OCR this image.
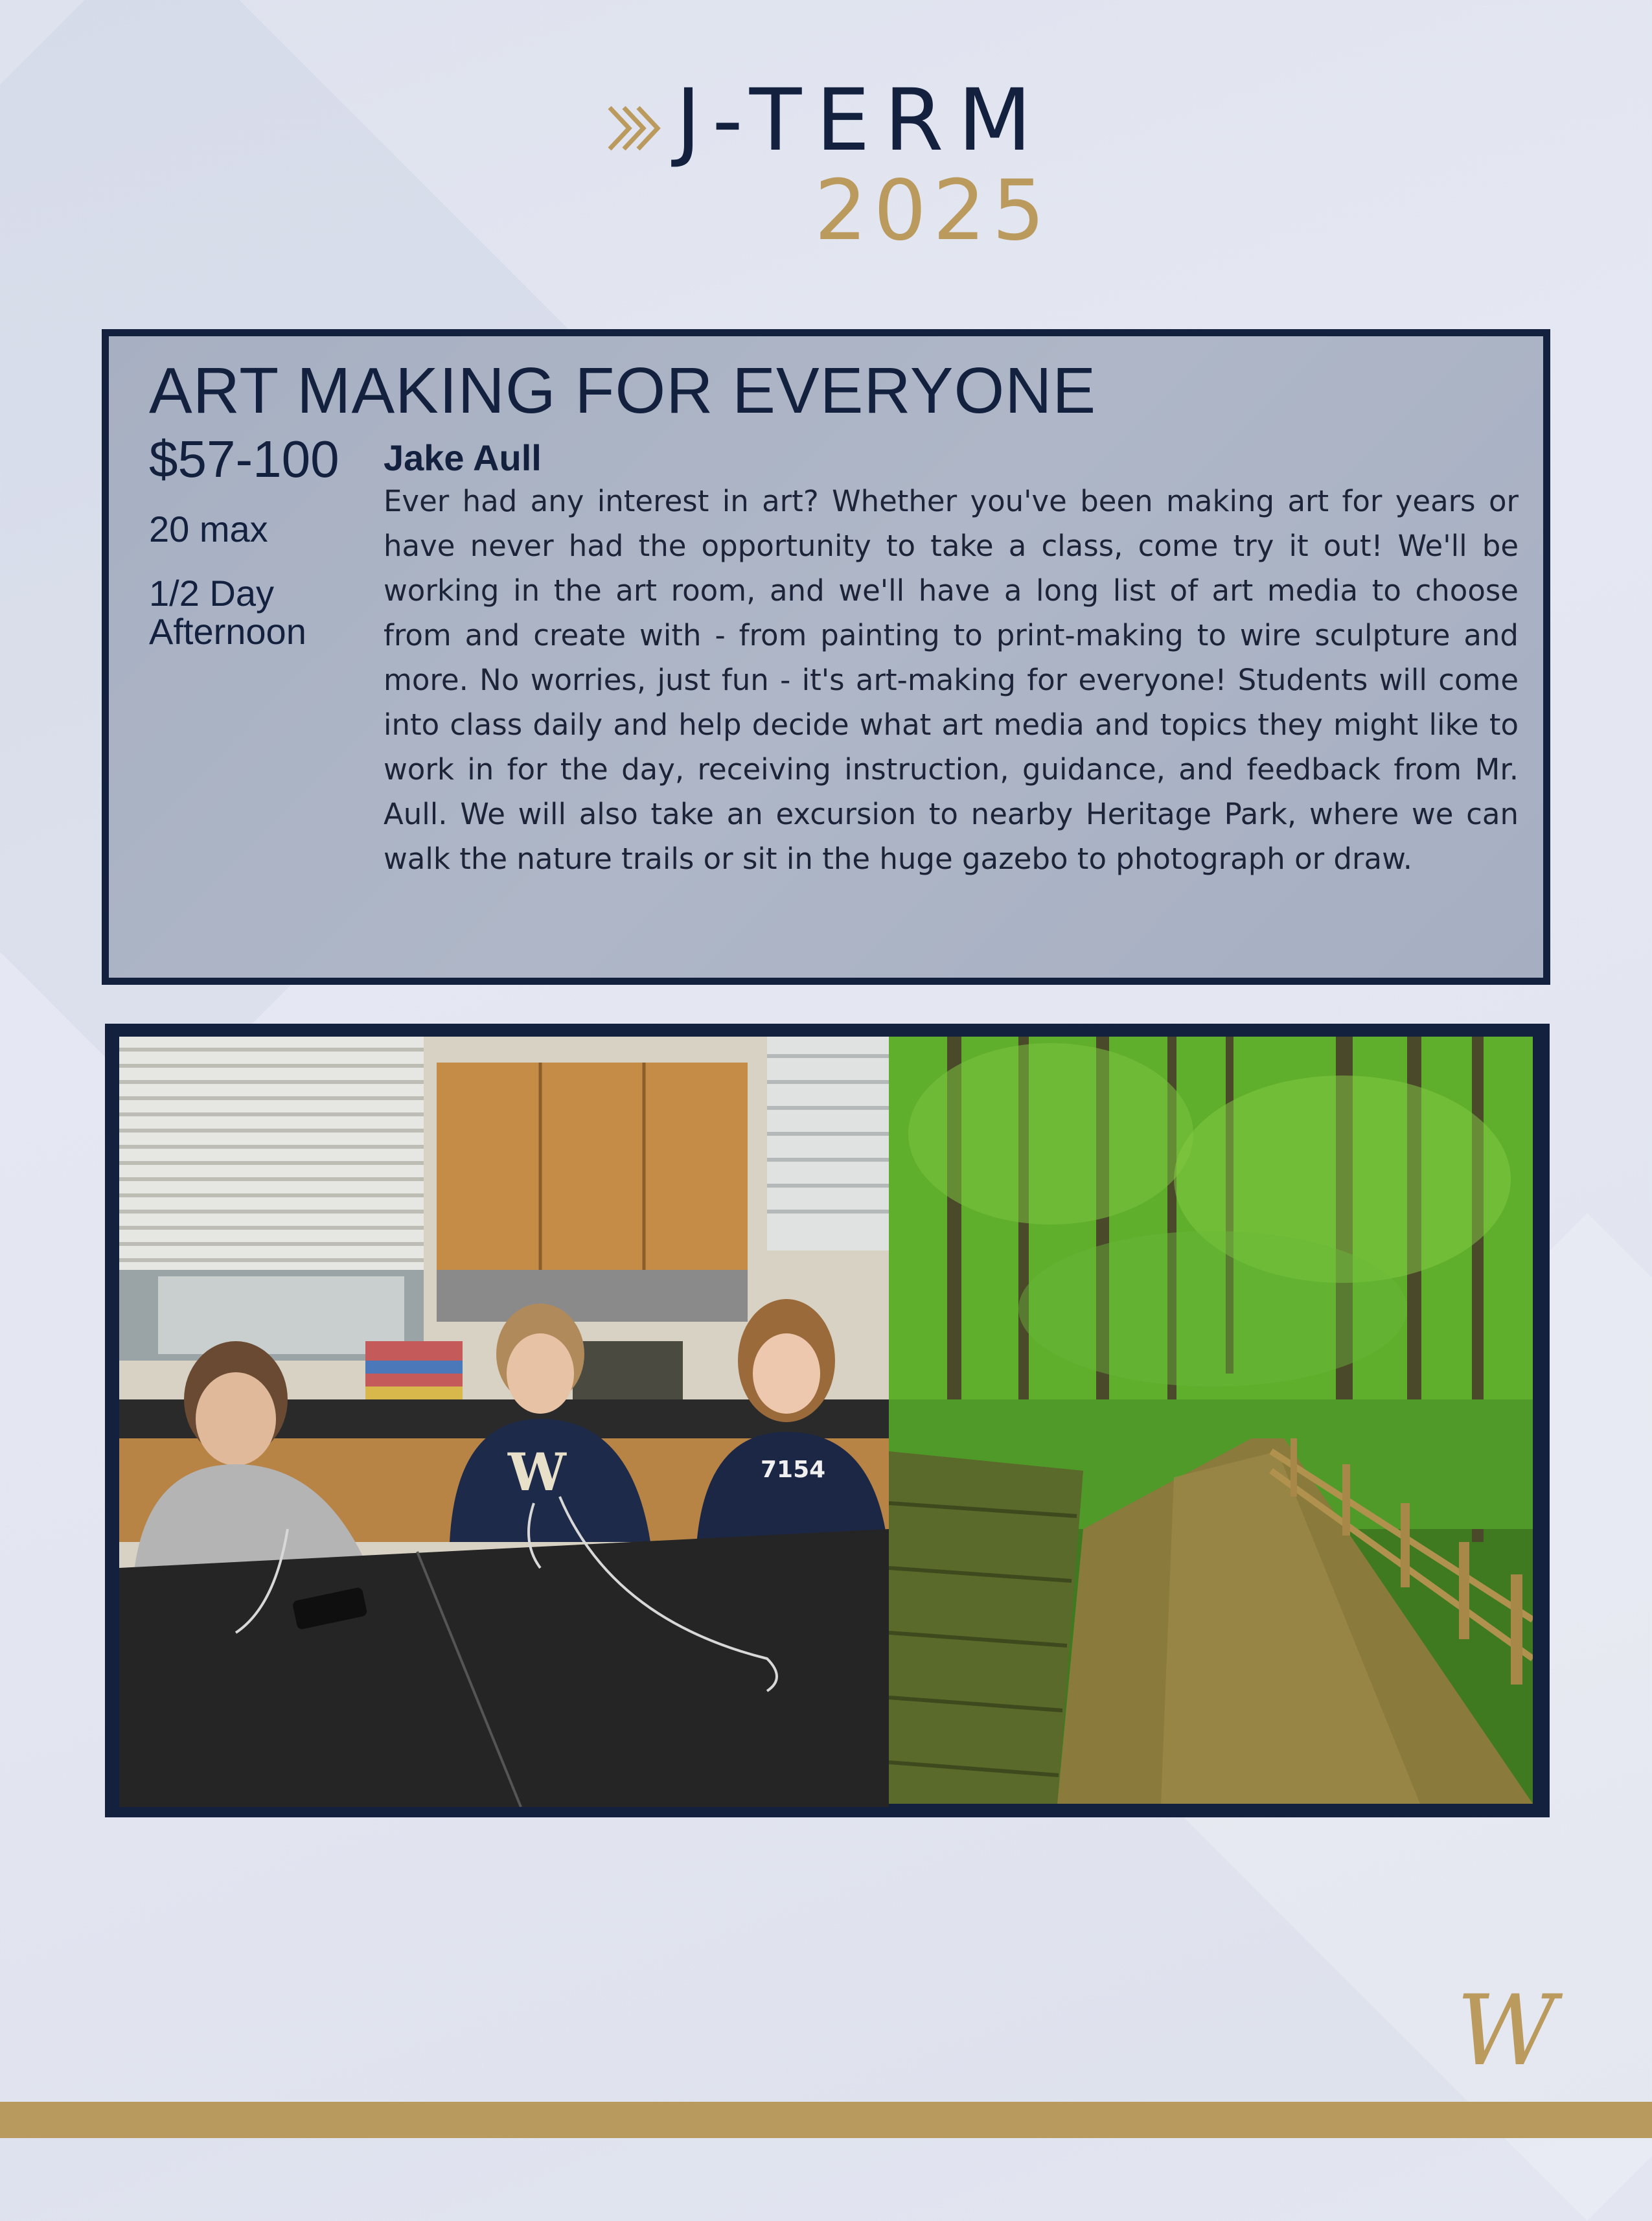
J-TERM
2025
ART MAKING FOR EVERYONE
$57-100
20 max
1/2 Day
Afternoon
Jake Aull

Ever had any interest in art? Whether you've been making art for years or have never had the opportunity to take a class, come try it out! We'll be working in the art room, and we'll have a long list of art media to choose from and create with - from painting to print-making to wire sculpture and more. No worries, just fun - it's art-making for everyone! Students will come into class daily and help decide what art media and topics they might like to work in for the day, receiving instruction, guidance, and feedback from Mr. Aull. We will also take an excursion to nearby Heritage Park, where we can walk the nature trails or sit in the huge gazebo to photograph or draw.

W	7154
W
